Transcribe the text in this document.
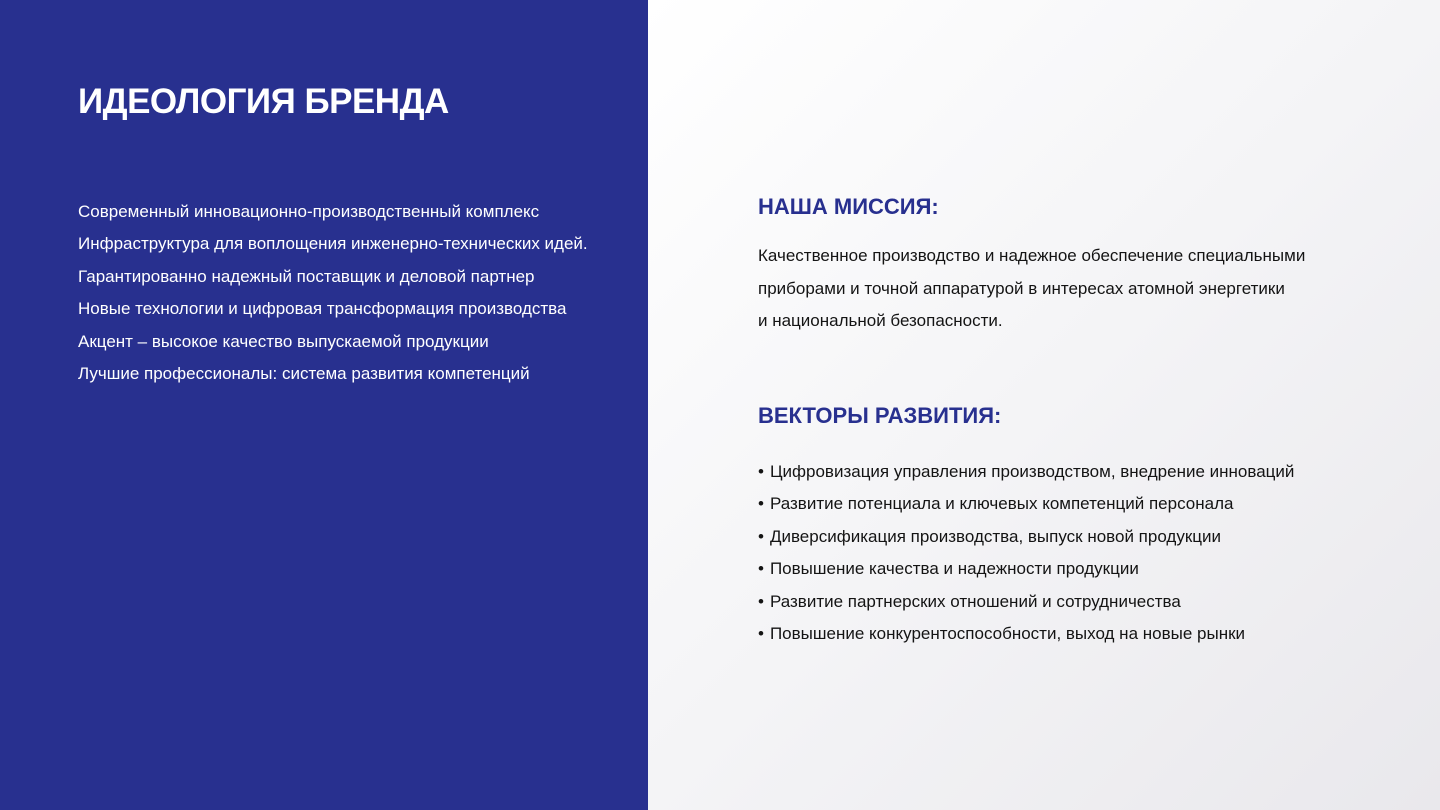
ИДЕОЛОГИЯ БРЕНДА
Современный инновационно-производственный комплекс
Инфраструктура для воплощения инженерно-технических идей.
Гарантированно надежный поставщик и деловой партнер
Новые технологии и цифровая трансформация производства
Акцент – высокое качество выпускаемой продукции
Лучшие профессионалы: система развития компетенций
НАША МИССИЯ:

Качественное производство и надежное обеспечение специальными
приборами и точной аппаратурой в интересах атомной энергетики
и национальной безопасности.

ВЕКТОРЫ РАЗВИТИЯ:
• Цифровизация управления производством, внедрение инноваций
• Развитие потенциала и ключевых компетенций персонала
• Диверсификация производства, выпуск новой продукции
• Повышение качества и надежности продукции
• Развитие партнерских отношений и сотрудничества
• Повышение конкурентоспособности, выход на новые рынки
